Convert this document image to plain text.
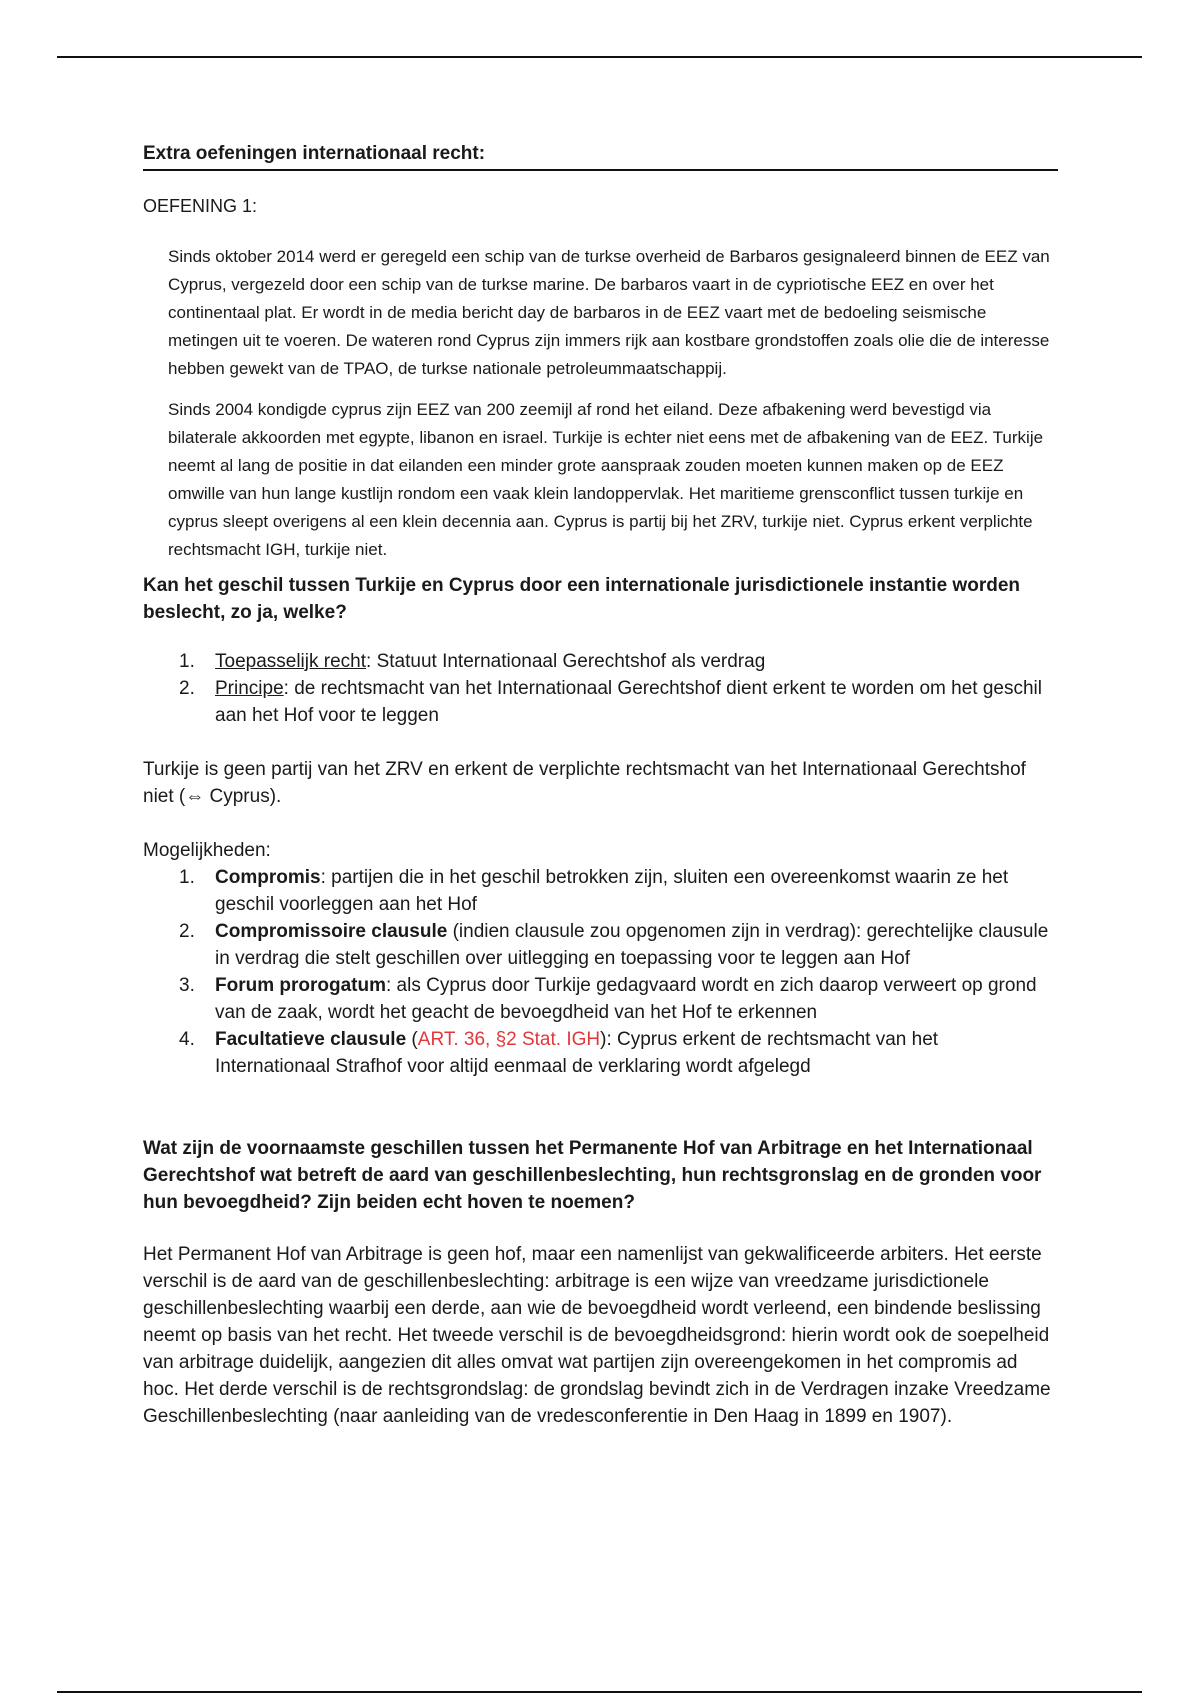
Extra oefeningen internationaal recht:

OEFENING 1:

Sinds oktober 2014 werd er geregeld een schip van de turkse overheid de Barbaros gesignaleerd binnen de EEZ van Cyprus, vergezeld door een schip van de turkse marine. De barbaros vaart in de cypriotische EEZ en over het continentaal plat. Er wordt in de media bericht day de barbaros in de EEZ vaart met de bedoeling seismische metingen uit te voeren. De wateren rond Cyprus zijn immers rijk aan kostbare grondstoffen zoals olie die de interesse hebben gewekt van de TPAO, de turkse nationale petroleummaatschappij.

Sinds 2004 kondigde cyprus zijn EEZ van 200 zeemijl af rond het eiland. Deze afbakening werd bevestigd via bilaterale akkoorden met egypte, libanon en israel. Turkije is echter niet eens met de afbakening van de EEZ. Turkije neemt al lang de positie in dat eilanden een minder grote aanspraak zouden moeten kunnen maken op de EEZ omwille van hun lange kustlijn rondom een vaak klein landoppervlak. Het maritieme grensconflict tussen turkije en cyprus sleept overigens al een klein decennia aan. Cyprus is partij bij het ZRV, turkije niet. Cyprus erkent verplichte rechtsmacht IGH, turkije niet.

Kan het geschil tussen Turkije en Cyprus door een internationale jurisdictionele instantie worden beslecht, zo ja, welke?

1. Toepasselijk recht: Statuut Internationaal Gerechtshof als verdrag
2. Principe: de rechtsmacht van het Internationaal Gerechtshof dient erkent te worden om het geschil aan het Hof voor te leggen

Turkije is geen partij van het ZRV en erkent de verplichte rechtsmacht van het Internationaal Gerechtshof niet (⇔ Cyprus).

Mogelijkheden:

1. Compromis: partijen die in het geschil betrokken zijn, sluiten een overeenkomst waarin ze het geschil voorleggen aan het Hof
2. Compromissoire clausule (indien clausule zou opgenomen zijn in verdrag): gerechtelijke clausule in verdrag die stelt geschillen over uitlegging en toepassing voor te leggen aan Hof
3. Forum prorogatum: als Cyprus door Turkije gedagvaard wordt en zich daarop verweert op grond van de zaak, wordt het geacht de bevoegdheid van het Hof te erkennen
4. Facultatieve clausule (ART. 36, §2 Stat. IGH): Cyprus erkent de rechtsmacht van het Internationaal Strafhof voor altijd eenmaal de verklaring wordt afgelegd

Wat zijn de voornaamste geschillen tussen het Permanente Hof van Arbitrage en het Internationaal Gerechtshof wat betreft de aard van geschillenbeslechting, hun rechtsgronslag en de gronden voor hun bevoegdheid? Zijn beiden echt hoven te noemen?

Het Permanent Hof van Arbitrage is geen hof, maar een namenlijst van gekwalificeerde arbiters. Het eerste verschil is de aard van de geschillenbeslechting: arbitrage is een wijze van vreedzame jurisdictionele geschillenbeslechting waarbij een derde, aan wie de bevoegdheid wordt verleend, een bindende beslissing neemt op basis van het recht. Het tweede verschil is de bevoegdheidsgrond: hierin wordt ook de soepelheid van arbitrage duidelijk, aangezien dit alles omvat wat partijen zijn overeengekomen in het compromis ad hoc. Het derde verschil is de rechtsgrondslag: de grondslag bevindt zich in de Verdragen inzake Vreedzame Geschillenbeslechting (naar aanleiding van de vredesconferentie in Den Haag in 1899 en 1907).
